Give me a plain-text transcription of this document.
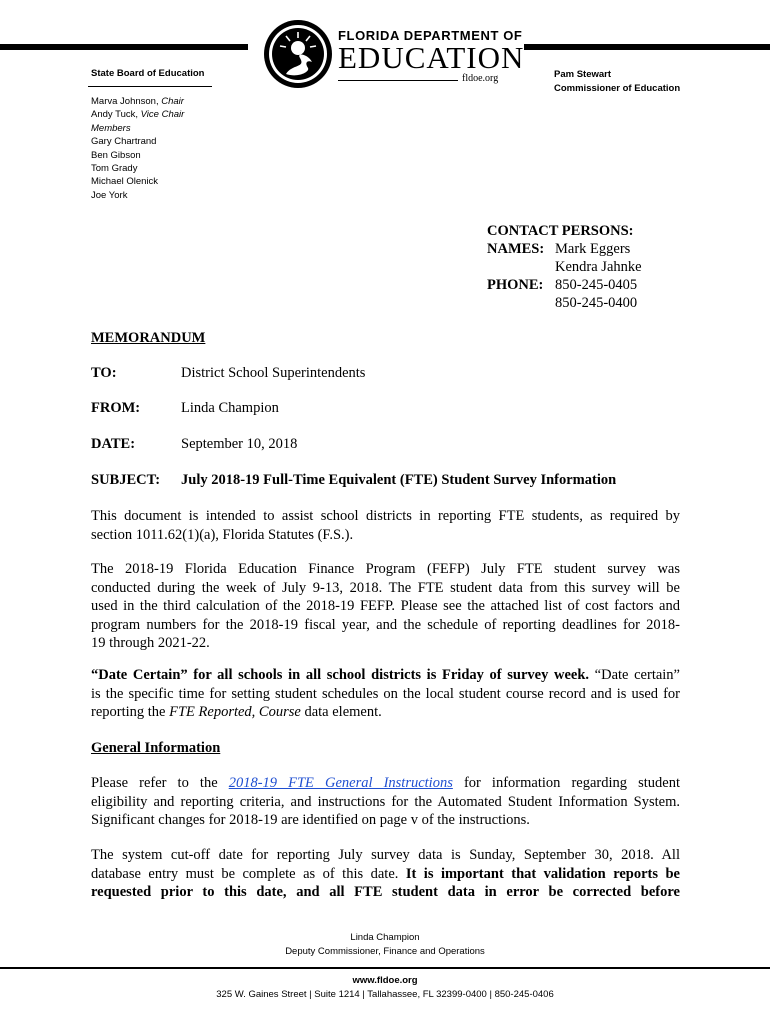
FLORIDA DEPARTMENT OF
EDUCATION
fldoe.org
State Board of Education
Marva Johnson, Chair
Andy Tuck, Vice Chair
Members
Gary Chartrand
Ben Gibson
Tom Grady
Michael Olenick
Joe York
Pam Stewart
Commissioner of Education
CONTACT PERSONS:
NAMES: Mark Eggers
Kendra Jahnke
PHONE: 850-245-0405
850-245-0400
MEMORANDUM
TO:	District School Superintendents
FROM:	Linda Champion
DATE:	September 10, 2018
SUBJECT: July 2018-19 Full-Time Equivalent (FTE) Student Survey Information
This document is intended to assist school districts in reporting FTE students, as required by
section 1011.62(1)(a), Florida Statutes (F.S.).
The 2018-19 Florida Education Finance Program (FEFP) July FTE student survey was
conducted during the week of July 9-13, 2018. The FTE student data from this survey will be
used in the third calculation of the 2018-19 FEFP. Please see the attached list of cost factors and
program numbers for the 2018-19 fiscal year, and the schedule of reporting deadlines for 2018-
19 through 2021-22.
“Date Certain” for all schools in all school districts is Friday of survey week. “Date certain”
is the specific time for setting student schedules on the local student course record and is used for
reporting the FTE Reported, Course data element.
General Information
Please refer to the 2018-19 FTE General Instructions for information regarding student
eligibility and reporting criteria, and instructions for the Automated Student Information System.
Significant changes for 2018-19 are identified on page v of the instructions.
The system cut-off date for reporting July survey data is Sunday, September 30, 2018. All
database entry must be complete as of this date. It is important that validation reports be
requested prior to this date, and all FTE student data in error be corrected before
Linda Champion
Deputy Commissioner, Finance and Operations
www.fldoe.org
325 W. Gaines Street | Suite 1214 | Tallahassee, FL 32399-0400 | 850-245-0406
